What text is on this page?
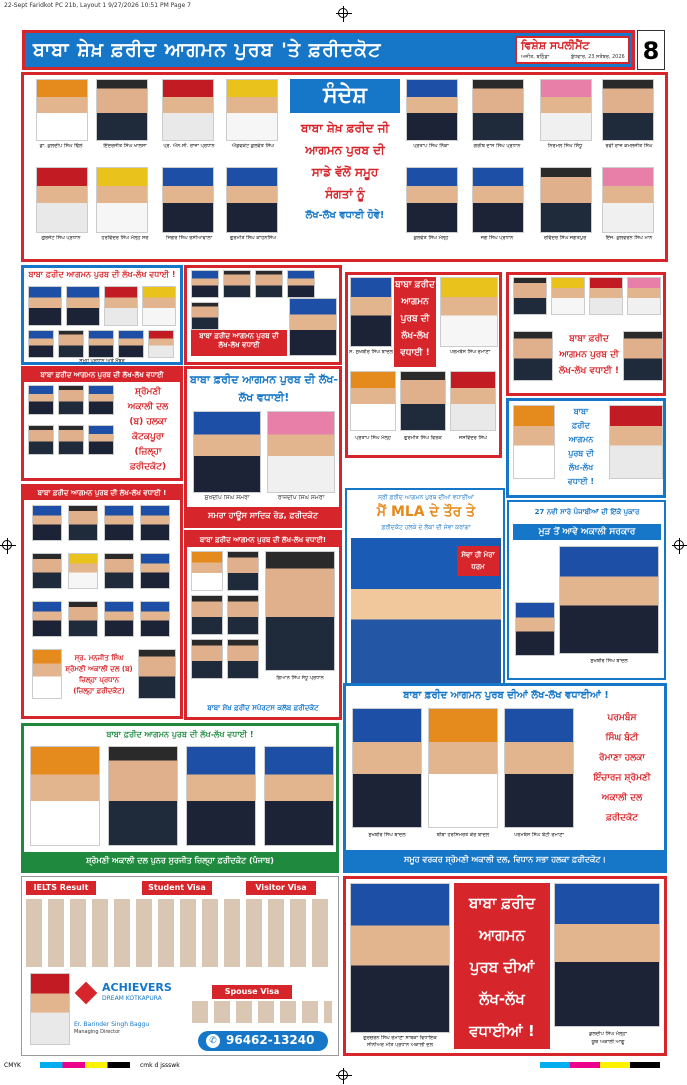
22-Sept Faridkot PC 21b, Layout 1 9/27/2026 10:51 PM Page 7
ਬਾਬਾ ਸ਼ੇਖ਼ ਫ਼ਰੀਦ ਆਗਮਨ ਪੁਰਬ 'ਤੇ ਫ਼ਰੀਦਕੋਟ	ਵਿਸ਼ੇਸ਼ ਸਪਲੀਮੈਂਟ
ਅਜੀਤ, ਬਠਿੰਡਾ	ਬੁੱਧਵਾਰ, 23 ਸਤੰਬਰ, 2026 8
ਡਾ. ਕੁਲਦੀਪ ਸਿੰਘ ਢਿੱਲੋਂ	ਇੰਦਰਜੀਤ ਸਿੰਘ ਖਾਲਸਾ	ਪ੍ਰੋ. ਐਨ.ਸੀ. ਰਾਜਾ ਪ੍ਰਧਾਨ	ਐਡਵੋਕੇਟ ਕੁਲਵੰਤ ਸਿੰਘ	ਪ੍ਰਤਾਪ ਸਿੰਘ ਨਿੱਕਾ	ਗਰੀਬ ਦਾਸ ਸਿੰਘ ਪ੍ਰਧਾਨ	ਨਿਰਮਲ ਸਿੰਘ ਸਿੱਧੂ	ਰਵੀ ਰਾਜ ਕਮਲਜੀਤ ਸਿੰਘ
ਗੁਰਜੰਟ ਸਿੰਘ ਪ੍ਰਧਾਨ	ਹਰਵਿੰਦਰ ਸਿੰਘ ਮੱਲ੍ਹ ਸਰ	ਜਿਗਰ ਸਿੰਘ ਰਸੀਆਵਾਲਾ	ਗੁਰਮੀਤ ਸਿੰਘ ਕਾਹਨਸਿੰਘ	ਕੁਲਵੰਤ ਸਿੰਘ ਮੱਲ੍ਹ	ਜਗ ਸਿੰਘ ਪ੍ਰਧਾਨ	ਰਵਿੰਦਰ ਸਿੰਘ ਜਗਤਪੁਰ	ਇੰਜ. ਕੁਲਵਰਨ ਸਿੰਘ ਮਾਨ
ਸੰਦੇਸ਼
ਬਾਬਾ ਸ਼ੇਖ਼ ਫ਼ਰੀਦ ਜੀ
ਆਗਮਨ ਪੁਰਬ ਦੀ
ਸਾਡੇ ਵੱਲੋਂ ਸਮੂਹ
ਸੰਗਤਾਂ ਨੂੰ
ਲੱਖ-ਲੱਖ ਵਧਾਈ ਹੋਵੇ!
ਬਾਬਾ ਫ਼ਰੀਦ ਆਗਮਨ ਪੁਰਬ ਦੀ ਲੱਖ-ਲੱਖ ਵਧਾਈ !
ਸਮੂਹ ਪ੍ਰਧਾਨ ਅਤੇ ਮੈਂਬਰ
ਬਾਬਾ ਫ਼ਰੀਦ ਆਗਮਨ ਪੁਰਬ ਦੀ ਲੱਖ-ਲੱਖ ਵਧਾਈ
ਬਾਬਾ ਫ਼ਰੀਦ ਆਗਮਨ ਪੁਰਬ ਦੀ ਲੱਖ-ਲੱਖ ਵਧਾਈ
ਸ਼੍ਰੋਮਣੀ
ਅਕਾਲੀ ਦਲ
(ਬ) ਹਲਕਾ
ਕੋਟਕਪੂਰਾ
(ਜ਼ਿਲ੍ਹਾ
ਫ਼ਰੀਦਕੋਟ)
ਬਾਬਾ ਫ਼ਰੀਦ ਆਗਮਨ ਪੁਰਬ ਦੀ ਲੱਖ-ਲੱਖ ਵਧਾਈ!
ਸੁਖਦੀਪ ਸਿੰਘ ਸਮਰਾ	ਰਾਜਦੀਪ ਸਿੰਘ ਸਮਰਾ
ਸਮਰਾ ਹਾਊਸ ਸਾਦਿਕ ਰੋਡ, ਫ਼ਰੀਦਕੋਟ
ਬਾਬਾ ਫ਼ਰੀਦ
ਆਗਮਨ
ਪੁਰਬ ਦੀ
ਲੱਖ-ਲੱਖ
ਵਧਾਈ !
ਸ. ਸੁਖਬੀਰ ਸਿੰਘ ਬਾਦਲ	ਪਰਮਬੰਸ ਸਿੰਘ ਰੋਮਾਣਾ
ਪ੍ਰਤਾਪ ਸਿੰਘ ਮੱਲ੍ਹ	ਗੁਰਮੀਤ ਸਿੰਘ ਵਿਰਕ	ਜਸਵਿੰਦਰ ਸਿੰਘ
ਬਾਬਾ ਫ਼ਰੀਦ
ਆਗਮਨ ਪੁਰਬ ਦੀ
ਲੱਖ-ਲੱਖ ਵਧਾਈ !
ਬਾਬਾ
ਫ਼ਰੀਦ
ਆਗਮਨ
ਪੁਰਬ ਦੀ
ਲੱਖ-ਲੱਖ
ਵਧਾਈ !
ਬਾਬਾ ਫ਼ਰੀਦ ਆਗਮਨ ਪੁਰਬ ਦੀ ਲੱਖ-ਲੱਖ ਵਧਾਈ !
ਸ੍ਰ. ਮਨਜੀਤ ਸਿੰਘ
ਸ਼੍ਰੋਮਣੀ ਅਕਾਲੀ ਦਲ (ਬ)
ਜ਼ਿਲ੍ਹਾ ਪ੍ਰਧਾਨ
(ਜ਼ਿਲ੍ਹਾ ਫ਼ਰੀਦਕੋਟ)
ਬਾਬਾ ਫ਼ਰੀਦ ਆਗਮਨ ਪੁਰਬ ਦੀ ਲੱਖ-ਲੱਖ ਵਧਾਈ!
ਗਿਆਨ ਸਿੰਘ ਸੰਧੂ ਪ੍ਰਧਾਨ
ਬਾਬਾ ਸ਼ੇਖ਼ ਫ਼ਰੀਦ ਸਪੋਰਟਸ ਕਲੱਬ ਫ਼ਰੀਦਕੋਟ
ਸ੍ਰੀ ਫ਼ਰੀਦ ਆਗਮਨ ਪੁਰਬ ਦੀਆਂ ਵਧਾਈਆਂ
ਮੈਂ MLA ਦੇ ਤੌਰ ਤੇ
ਫ਼ਰੀਦਕੋਟ ਹਲਕੇ ਦੇ ਲੋਕਾਂ ਦੀ ਸੇਵਾ ਕਰਾਂਗਾ
ਸੇਵਾ ਹੀ ਮੇਰਾ ਧਰਮ
27 ਨਵੀ ਸਾਰੇ ਪੰਜਾਬੀਆਂ ਦੀ ਇੱਕੋ ਪੁਕਾਰ
ਮੁੜ ਤੋਂ ਆਵੇ ਅਕਾਲੀ ਸਰਕਾਰ
ਸੁਖਬੀਰ ਸਿੰਘ ਬਾਦਲ
ਬਾਬਾ ਫ਼ਰੀਦ ਆਗਮਨ ਪੁਰਬ ਦੀ ਲੱਖ-ਲੱਖ ਵਧਾਈ !
ਸ਼੍ਰੋਮਣੀ ਅਕਾਲੀ ਦਲ ਪੁਨਰ ਸੁਰਜੀਤ ਜ਼ਿਲ੍ਹਾ ਫ਼ਰੀਦਕੋਟ (ਪੰਜਾਬ)
ਬਾਬਾ ਫ਼ਰੀਦ ਆਗਮਨ ਪੁਰਬ ਦੀਆਂ ਲੱਖ-ਲੱਖ ਵਧਾਈਆਂ !
ਸੁਖਬੀਰ ਸਿੰਘ ਬਾਦਲ	ਬੀਬਾ ਹਰਸਿਮਰਤ ਕੌਰ ਬਾਦਲ	ਪਰਮਬੰਸ ਸਿੰਘ ਬੰਟੀ ਰੋਮਾਣਾ
ਪਰਮਬੰਸ
ਸਿੰਘ ਬੰਟੀ
ਰੋਮਾਣਾ ਹਲਕਾ
ਇੰਚਾਰਜ ਸ਼੍ਰੋਮਣੀ
ਅਕਾਲੀ ਦਲ
ਫ਼ਰੀਦਕੋਟ
ਸਮੂਹ ਵਰਕਰ ਸ਼੍ਰੋਮਣੀ ਅਕਾਲੀ ਦਲ, ਵਿਧਾਨ ਸਭਾ ਹਲਕਾ ਫ਼ਰੀਦਕੋਟ।
IELTS Result	Student Visa	Visitor Visa
ACHIEVERS
DREAM KOTKAPURA
Er. Barinder Singh Baggu
Managing Director
Spouse Visa
✆ 96462-13240
ਬਾਬਾ ਫ਼ਰੀਦ
ਆਗਮਨ
ਪੁਰਬ ਦੀਆਂ
ਲੱਖ-ਲੱਖ
ਵਧਾਈਆਂ !
ਗੁਰਚਰਨ ਸਿੰਘ ਰੋਮਾਣਾ ਸਾਬਕਾ ਵਿਧਾਇਕ
ਸੀਨੀਅਰ ਮੀਤ ਪ੍ਰਧਾਨ ਅਕਾਲੀ ਦਲ
ਕੁਲਦੀਪ ਸਿੰਘ ਮੱਲ੍ਹਾ
ਯੂਥ ਅਕਾਲੀ ਆਗੂ
CMYK	cmk d jssswk
